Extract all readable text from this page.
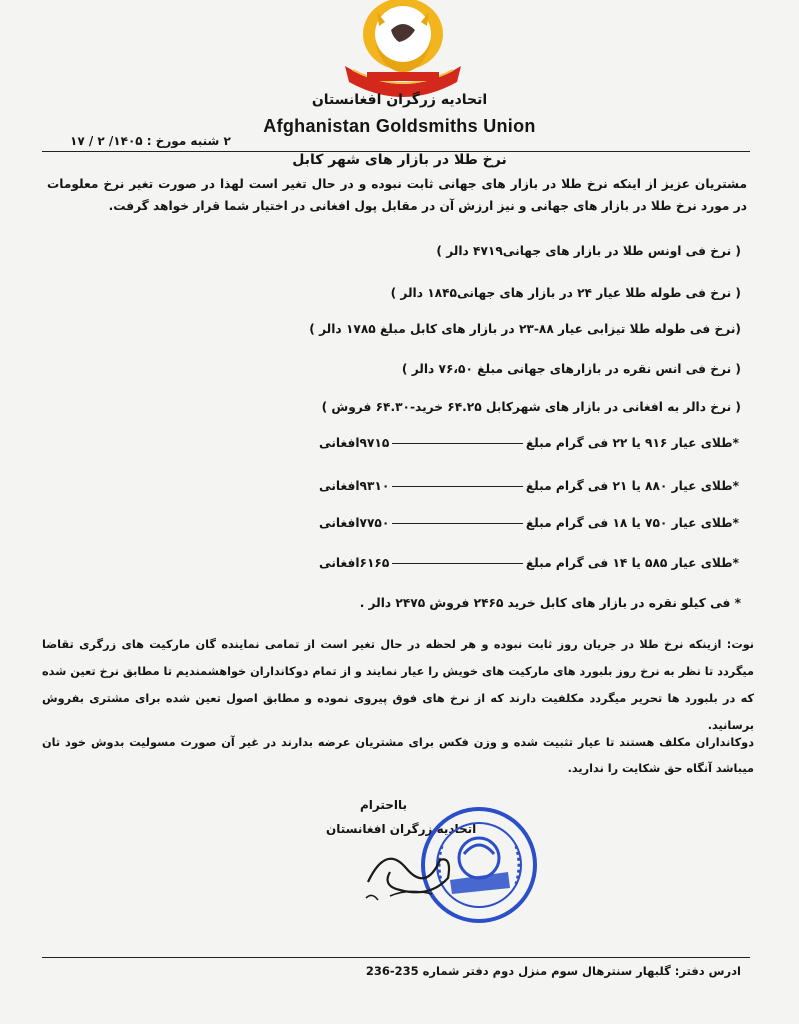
اتحادیه زرگران افغانستان
Afghanistan Goldsmiths Union
۲ شنبه مورخ : ۱۴۰۵/ ۲ / ۱۷
نرخ طلا در بازار های شهر کابل
مشتریان عزیز از اینکه نرخ طلا در بازار های جهانی ثابت نبوده و در حال تغیر است لهذا در صورت تغیر نرخ معلومات در مورد نرخ طلا در بازار های جهانی و نیز ارزش آن در مقابل پول افغانی در اختیار شما قرار خواهد گرفت.
( نرخ فی اونس طلا در بازار های جهانی۴۷۱۹ دالر )
( نرخ فی طوله طلا عیار ۲۴ در بازار های جهانی۱۸۴۵ دالر )
(نرخ فی طوله طلا تیزابی عیار ۸۸-۲۳ در بازار های کابل مبلغ ۱۷۸۵ دالر )
( نرخ فی انس نقره در بازارهای جهانی مبلغ ۷۶،۵۰ دالر )
( نرخ دالر به افغانی در بازار های شهرکابل ۶۴.۲۵ خرید-۶۴.۳۰ فروش )
*طلای عیار ۹۱۶ یا ۲۲ فی گرام مبلغ
۹۷۱۵افغانی
*طلای عیار ۸۸۰ یا ۲۱ فی گرام مبلغ
۹۳۱۰افغانی
*طلای عیار ۷۵۰ یا ۱۸ فی گرام مبلغ
۷۷۵۰افغانی
*طلای عیار ۵۸۵ یا ۱۴ فی گرام مبلغ
۶۱۶۵افغانی
* فی کیلو نقره در بازار های کابل خرید ۲۴۶۵ فروش ۲۴۷۵ دالر .
نوت: ازینکه نرخ طلا در جریان روز ثابت نبوده و هر لحظه در حال تغیر است از تمامی نماینده گان مارکیت های زرگری تقاضا میگردد تا نظر به نرخ روز بلبورد های مارکیت های خویش را عیار نمایند و از تمام دوکانداران خواهشمندیم تا مطابق نرخ تعین شده که در بلبورد ها تحریر میگردد مکلفیت دارند که از نرخ های فوق پیروی نموده و مطابق اصول تعین شده برای مشتری بفروش برسانید.
دوکانداران مکلف هستند تا عیار تثبیت شده و وزن فکس برای مشتریان عرضه بدارند در غیر آن صورت مسولیت بدوش خود تان میباشد آنگاه حق شکایت را ندارید.
بااحترام
اتحادیه زرگران افغانستان
ادرس دفتر: گلبهار سنترهال سوم منزل دوم دفتر شماره 235-236
